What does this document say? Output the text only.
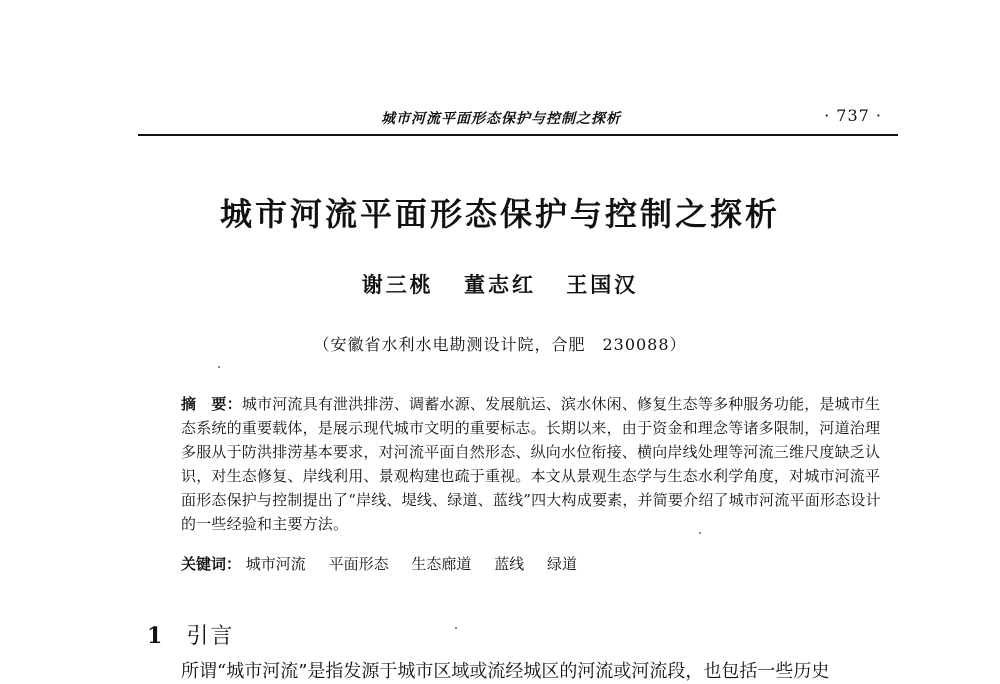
城市河流平面形态保护与控制之探析	· 737 ·
城市河流平面形态保护与控制之探析
谢三桃 董志红 王国汉
（安徽省水利水电勘测设计院，合肥　230088）
摘　要：城市河流具有泄洪排涝、调蓄水源、发展航运、滨水休闲、修复生态等多种服务功能，是城市生态系统的重要载体，是展示现代城市文明的重要标志。长期以来，由于资金和理念等诸多限制，河道治理多服从于防洪排涝基本要求，对河流平面自然形态、纵向水位衔接、横向岸线处理等河流三维尺度缺乏认识，对生态修复、岸线利用、景观构建也疏于重视。本文从景观生态学与生态水利学角度，对城市河流平面形态保护与控制提出了“岸线、堤线、绿道、蓝线”四大构成要素，并简要介绍了城市河流平面形态设计的一些经验和主要方法。
关键词： 城市河流 平面形态 生态廊道 蓝线 绿道
1 引言
所谓“城市河流”是指发源于城市区域或流经城区的河流或河流段，也包括一些历史
